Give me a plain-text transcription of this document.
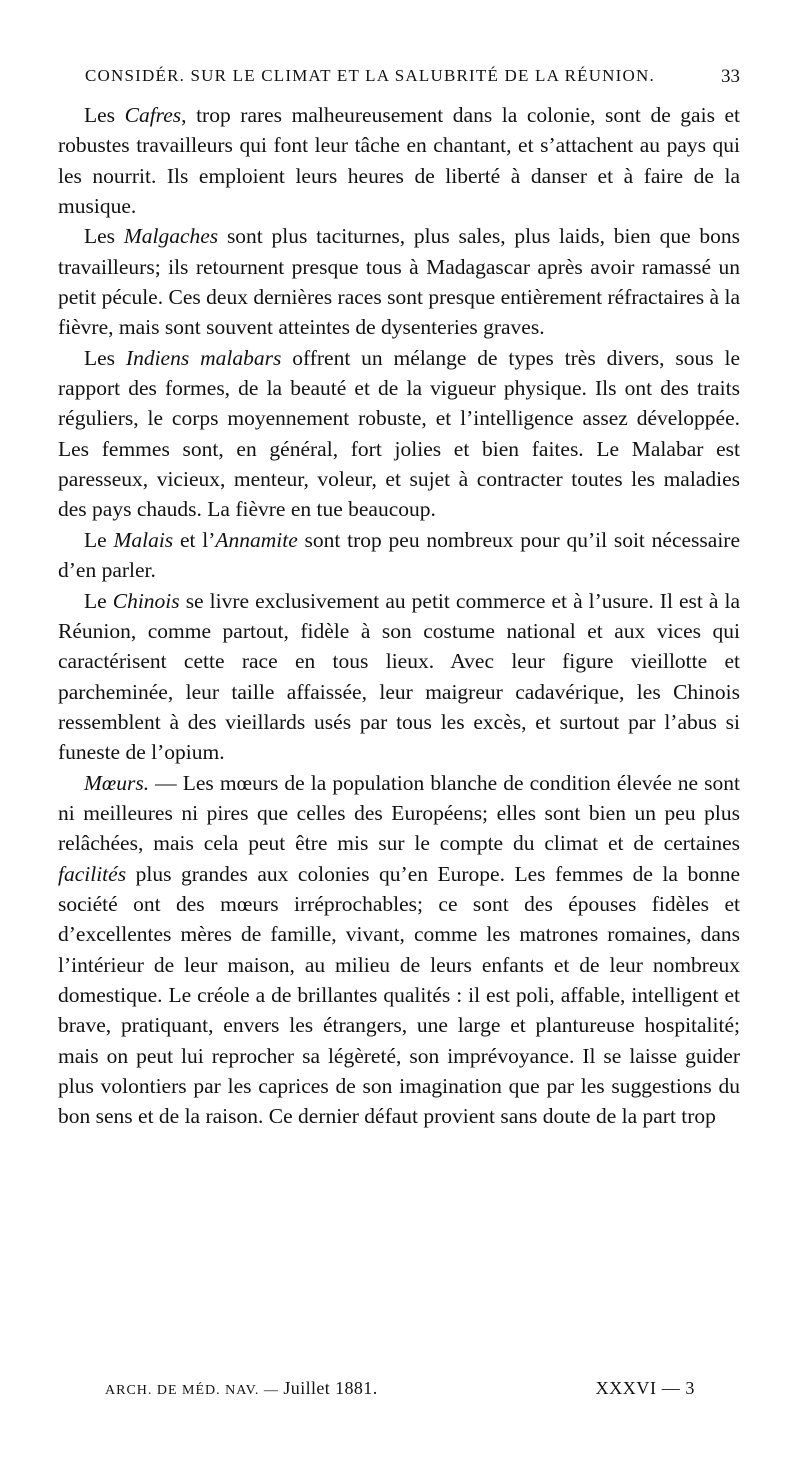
CONSIDÉR. SUR LE CLIMAT ET LA SALUBRITÉ DE LA RÉUNION.	33

Les Cafres, trop rares malheureusement dans la colonie, sont de gais et robustes travailleurs qui font leur tâche en chantant, et s’attachent au pays qui les nourrit. Ils emploient leurs heures de liberté à danser et à faire de la musique.

Les Malgaches sont plus taciturnes, plus sales, plus laids, bien que bons travailleurs; ils retournent presque tous à Madagascar après avoir ramassé un petit pécule. Ces deux dernières races sont presque entièrement réfractaires à la fièvre, mais sont souvent atteintes de dysenteries graves.

Les Indiens malabars offrent un mélange de types très divers, sous le rapport des formes, de la beauté et de la vigueur physique. Ils ont des traits réguliers, le corps moyennement robuste, et l’intelligence assez développée. Les femmes sont, en général, fort jolies et bien faites. Le Malabar est paresseux, vicieux, menteur, voleur, et sujet à contracter toutes les maladies des pays chauds. La fièvre en tue beaucoup.

Le Malais et l’Annamite sont trop peu nombreux pour qu’il soit nécessaire d’en parler.

Le Chinois se livre exclusivement au petit commerce et à l’usure. Il est à la Réunion, comme partout, fidèle à son costume national et aux vices qui caractérisent cette race en tous lieux. Avec leur figure vieillotte et parcheminée, leur taille affaissée, leur maigreur cadavérique, les Chinois ressemblent à des vieillards usés par tous les excès, et surtout par l’abus si funeste de l’opium.

Mœurs. — Les mœurs de la population blanche de condition élevée ne sont ni meilleures ni pires que celles des Européens; elles sont bien un peu plus relâchées, mais cela peut être mis sur le compte du climat et de certaines facilités plus grandes aux colonies qu’en Europe. Les femmes de la bonne société ont des mœurs irréprochables; ce sont des épouses fidèles et d’excellentes mères de famille, vivant, comme les matrones romaines, dans l’intérieur de leur maison, au milieu de leurs enfants et de leur nombreux domestique. Le créole a de brillantes qualités : il est poli, affable, intelligent et brave, pratiquant, envers les étrangers, une large et plantureuse hospitalité; mais on peut lui reprocher sa légèreté, son imprévoyance. Il se laisse guider plus volontiers par les caprices de son imagination que par les suggestions du bon sens et de la raison. Ce dernier défaut provient sans doute de la part trop

ARCH. DE MÉD. NAV. — Juillet 1881.	XXXVI — 3
